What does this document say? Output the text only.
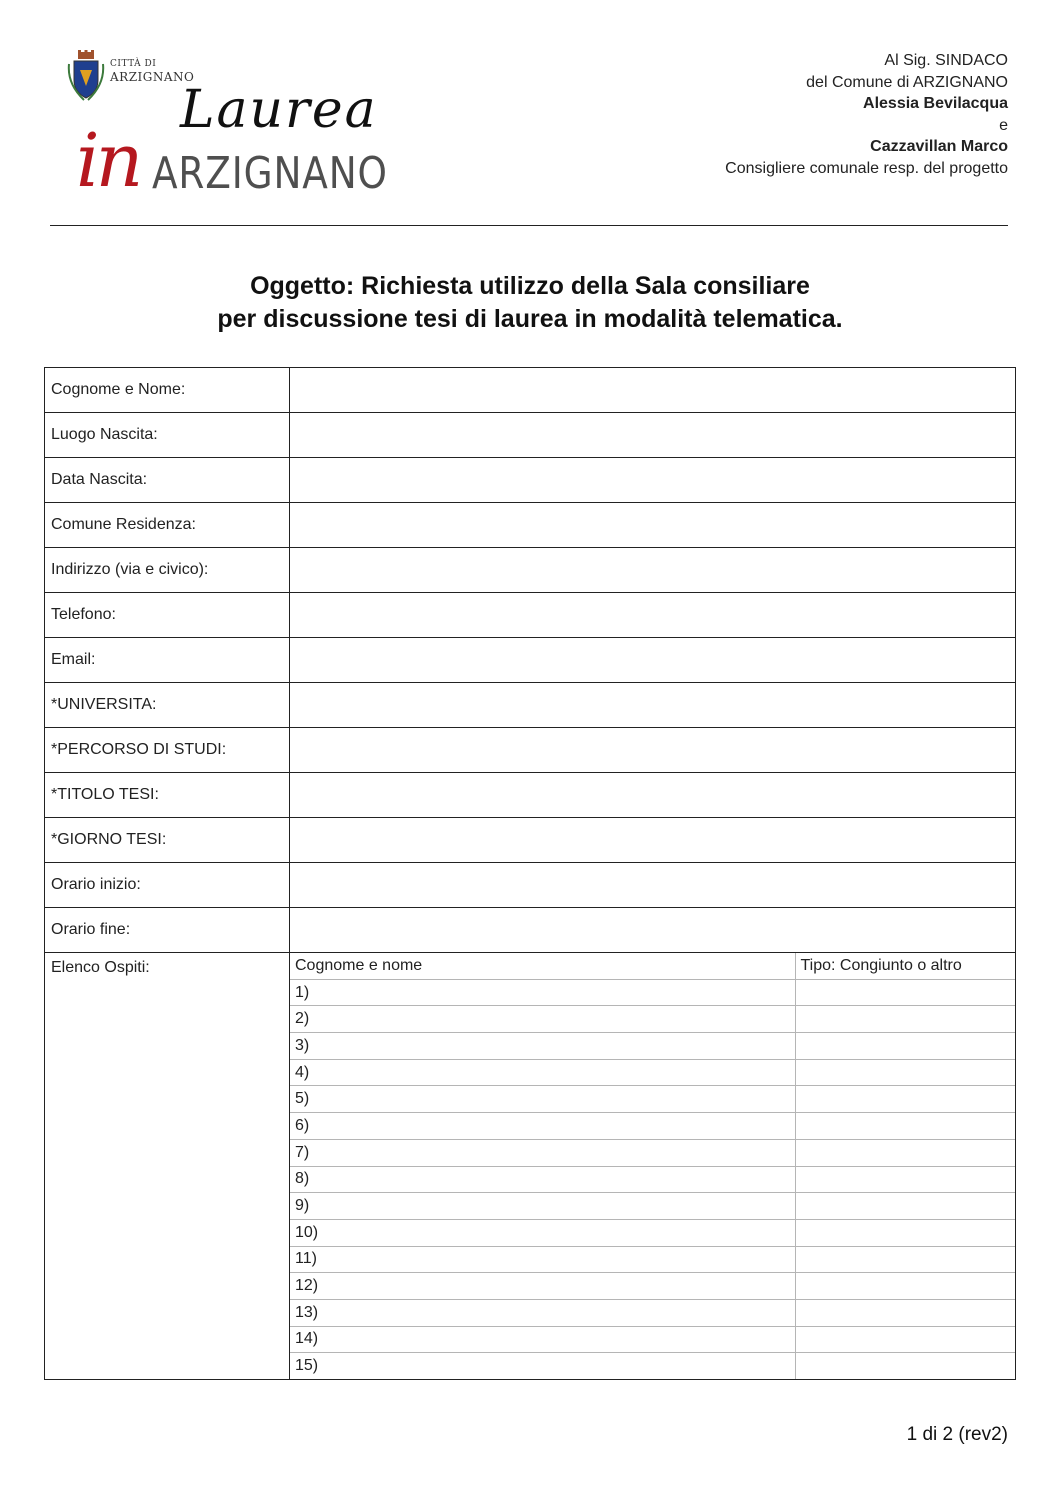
CITTÀ DI
ARZIGNANO
Laurea
in ARZIGNANO
Al Sig. SINDACO
del Comune di ARZIGNANO
Alessia Bevilacqua
e
Cazzavillan Marco
Consigliere comunale resp. del progetto
Oggetto: Richiesta utilizzo della Sala consiliare
per discussione tesi di laurea in modalità telematica.
Cognome e Nome:	
Luogo Nascita:	
Data Nascita:	
Comune Residenza:	
Indirizzo (via e civico):	
Telefono:	
Email:	
*UNIVERSITA:	
*PERCORSO DI STUDI:	
*TITOLO TESI:	
*GIORNO TESI:	
Orario inizio:	
Orario fine:	
Elenco Ospiti:		Cognome e nome	Tipo: Congiunto o altro
1)	
2)	
3)	
4)	
5)	
6)	
7)	
8)	
9)	
10)	
11)	
12)	
13)	
14)	
15)	
1 di 2 (rev2)
